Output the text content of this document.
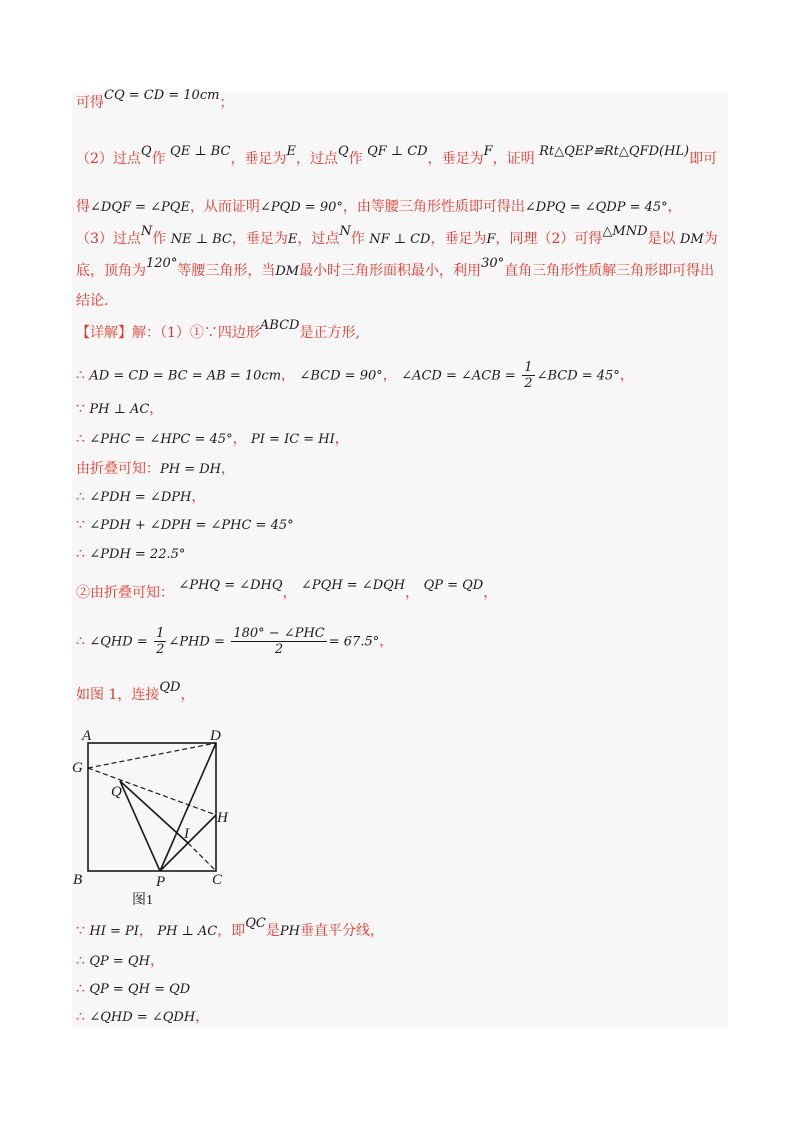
可得CQ = CD = 10cm；
（2）过点Q作 QE ⊥ BC，垂足为E，过点Q作 QF ⊥ CD，垂足为F，证明 Rt△QEP≌Rt△QFD(HL)即可
得∠DQF = ∠PQE，从而证明∠PQD = 90°，由等腰三角形性质即可得出∠DPQ = ∠QDP = 45°，
（3）过点N作 NE ⊥ BC，垂足为E，过点N作 NF ⊥ CD，垂足为F，同理（2）可得△MND是以 DM为
底，顶角为120°等腰三角形，当DM最小时三角形面积最小，利用30°直角三角形性质解三角形即可得出
结论.
【详解】解：（1）①∵四边形ABCD是正方形,
∴ AD = CD = BC = AB = 10cm， ∠BCD = 90°， ∠ACD = ∠ACB = $\frac{1}{2}$ ∠BCD = 45°，
∵ PH ⊥ AC，
∴ ∠PHC = ∠HPC = 45°， PI = IC = HI，
由折叠可知：PH = DH，
∴ ∠PDH = ∠DPH，
∵ ∠PDH + ∠DPH = ∠PHC = 45°
∴ ∠PDH = 22.5°
②由折叠可知： ∠PHQ = ∠DHQ， ∠PQH = ∠DQH， QP = QD，
∴ ∠QHD = $\frac{1}{2}$ ∠PHD = $\frac{\text{180° − ∠PHC}}{2} = 67.5^\circ$，
如图 1，连接QD，
A	D
G
Q
H
I
B	P	C
图1
∵ HI = PI， PH ⊥ AC，即QC是PH垂直平分线，
∴ QP = QH，
∴ QP = QH = QD
∴ ∠QHD = ∠QDH，
